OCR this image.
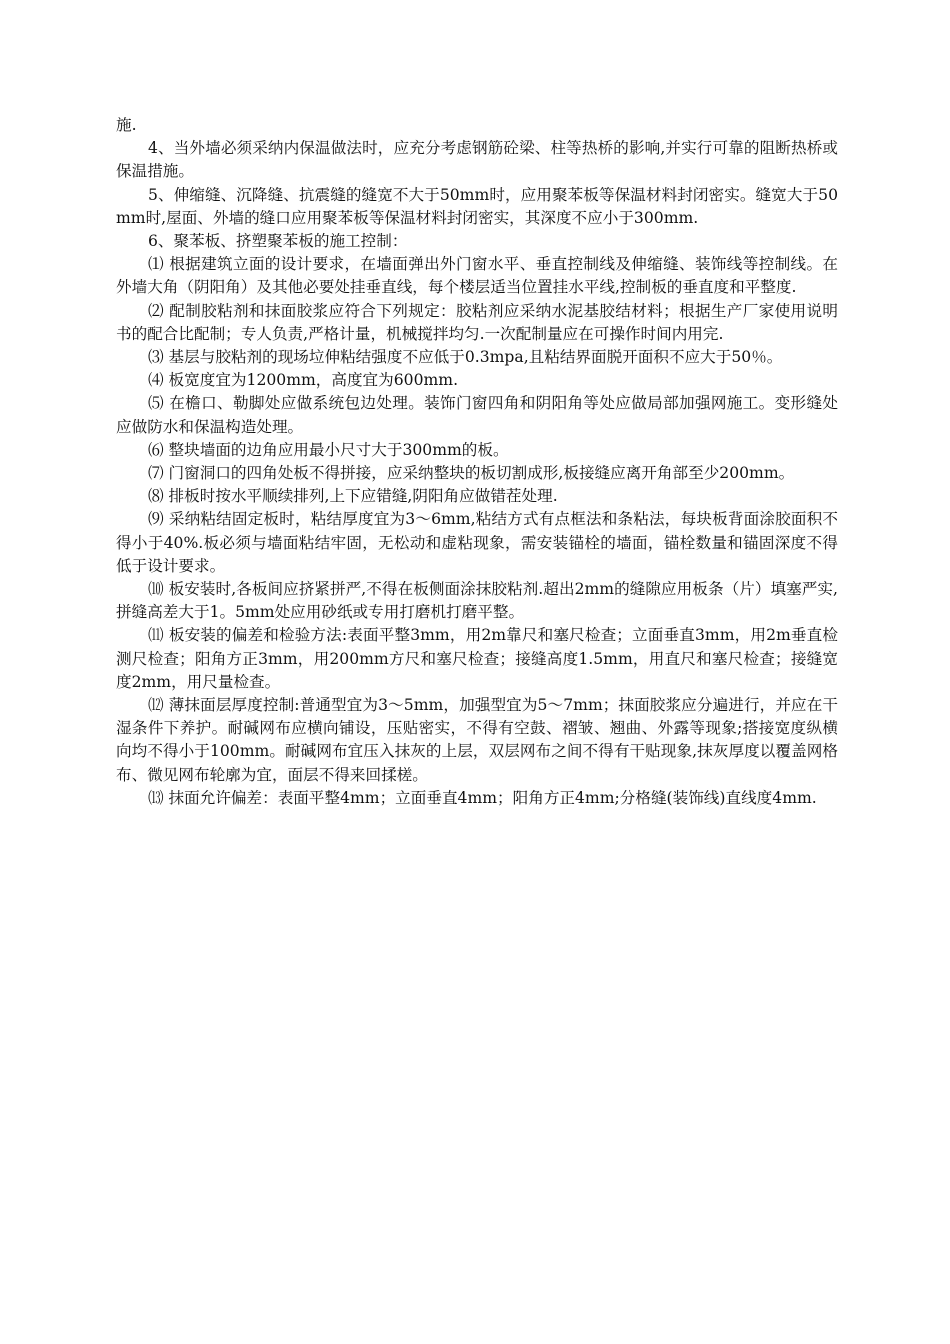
施.

4、当外墙必须采纳内保温做法时，应充分考虑钢筋砼梁、柱等热桥的影响,并实行可靠的阻断热桥或保温措施。

5、伸缩缝、沉降缝、抗震缝的缝宽不大于50mm时，应用聚苯板等保温材料封闭密实。缝宽大于50mm时,屋面、外墙的缝口应用聚苯板等保温材料封闭密实，其深度不应小于300mm.

6、聚苯板、挤塑聚苯板的施工控制：

⑴ 根据建筑立面的设计要求，在墙面弹出外门窗水平、垂直控制线及伸缩缝、装饰线等控制线。在外墙大角（阴阳角）及其他必要处挂垂直线，每个楼层适当位置挂水平线,控制板的垂直度和平整度.

⑵ 配制胶粘剂和抹面胶浆应符合下列规定：胶粘剂应采纳水泥基胶结材料；根据生产厂家使用说明书的配合比配制；专人负责,严格计量，机械搅拌均匀.一次配制量应在可操作时间内用完.

⑶ 基层与胶粘剂的现场垃伸粘结强度不应低于0.3mpa,且粘结界面脱开面积不应大于50％。

⑷ 板宽度宜为1200mm，高度宜为600mm.

⑸ 在檐口、勒脚处应做系统包边处理。装饰门窗四角和阴阳角等处应做局部加强网施工。变形缝处应做防水和保温构造处理。

⑹ 整块墙面的边角应用最小尺寸大于300mm的板。

⑺ 门窗洞口的四角处板不得拼接，应采纳整块的板切割成形,板接缝应离开角部至少200mm。

⑻ 排板时按水平顺续排列,上下应错缝,阴阳角应做错茬处理.

⑼ 采纳粘结固定板时，粘结厚度宜为3～6mm,粘结方式有点框法和条粘法，每块板背面涂胶面积不得小于40%.板必须与墙面粘结牢固，无松动和虚粘现象，需安装锚栓的墙面，锚栓数量和锚固深度不得低于设计要求。

⑽ 板安装时,各板间应挤紧拼严,不得在板侧面涂抹胶粘剂.超出2mm的缝隙应用板条（片）填塞严实,拼缝高差大于1。5mm处应用砂纸或专用打磨机打磨平整。

⑾ 板安装的偏差和检验方法:表面平整3mm，用2m靠尺和塞尺检查；立面垂直3mm，用2m垂直检测尺检查；阳角方正3mm，用200mm方尺和塞尺检查；接缝高度1.5mm，用直尺和塞尺检查；接缝宽度2mm，用尺量检查。

⑿ 薄抹面层厚度控制:普通型宜为3～5mm，加强型宜为5～7mm；抹面胶浆应分遍进行，并应在干湿条件下养护。耐碱网布应横向铺设，压贴密实，不得有空鼓、褶皱、翘曲、外露等现象;搭接宽度纵横向均不得小于100mm。耐碱网布宜压入抹灰的上层，双层网布之间不得有干贴现象,抹灰厚度以覆盖网格布、微见网布轮廓为宜，面层不得来回揉槎。

⒀ 抹面允许偏差：表面平整4mm；立面垂直4mm；阳角方正4mm;分格缝(装饰线)直线度4mm.
